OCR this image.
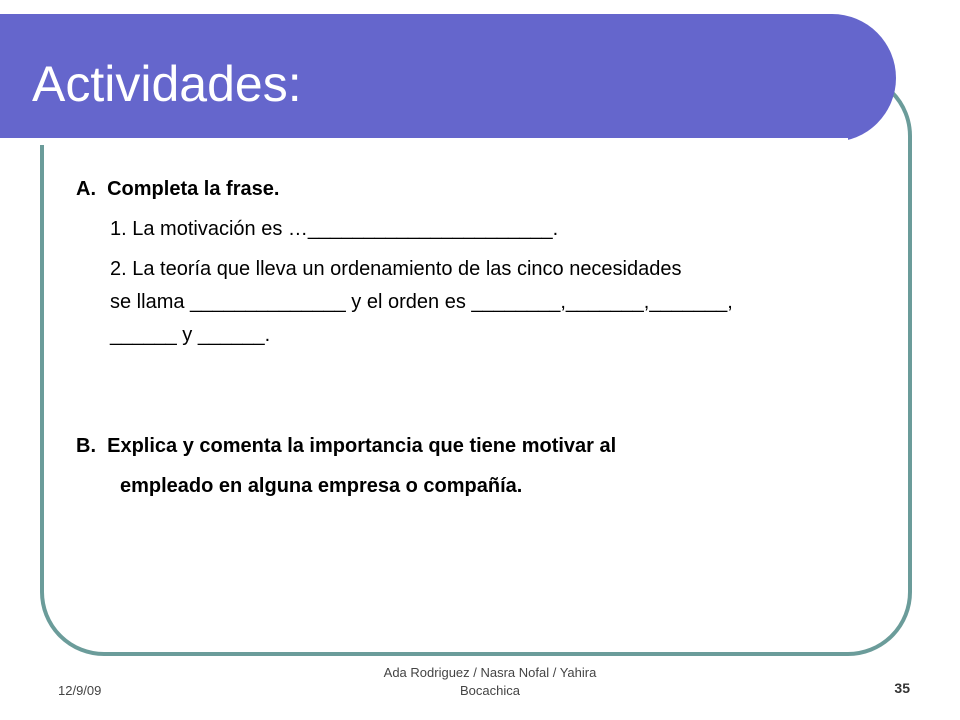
Actividades:
A.  Completa la frase.
1. La motivación es …______________________.
2. La teoría que lleva un ordenamiento de las cinco necesidades
se llama ______________ y el orden es ________,_______,_______,
______ y ______.
B.  Explica y comenta la importancia que tiene motivar al
empleado en alguna empresa o compañía.
12/9/09
Ada Rodriguez / Nasra Nofal / Yahira
Bocachica	35
